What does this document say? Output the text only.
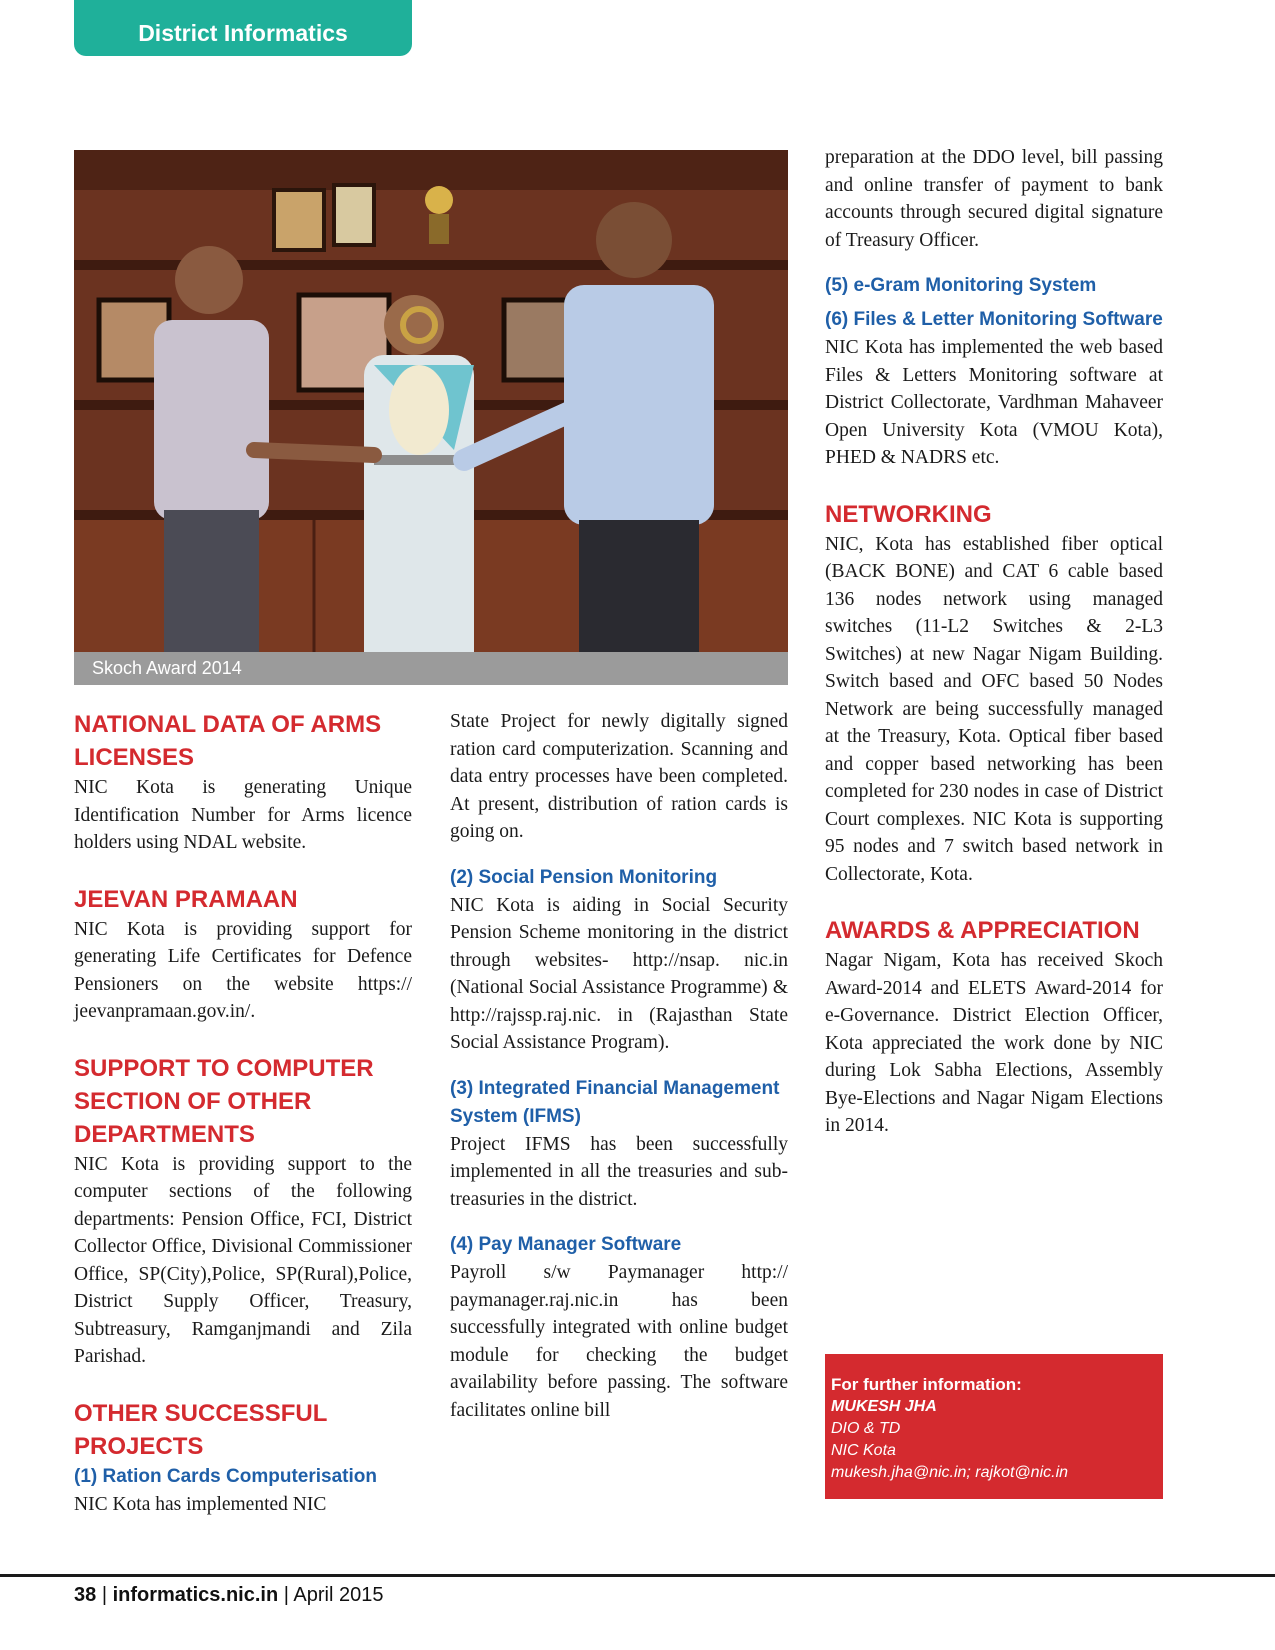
District Informatics
Skoch Award 2014
NATIONAL DATA OF ARMS LICENSES

NIC Kota is generating Unique Identification Number for Arms licence holders using NDAL website.

JEEVAN PRAMAAN

NIC Kota is providing support for generating Life Certificates for Defence Pensioners on the website https:// jeevanpramaan.gov.in/.

SUPPORT TO COMPUTER SECTION OF OTHER DEPARTMENTS

NIC Kota is providing support to the computer sections of the following departments: Pension Office, FCI, District Collector Office, Divisional Commissioner Office, SP(City),Police, SP(Rural),Police, District Supply Officer, Treasury, Subtreasury, Ramganjmandi and Zila Parishad.

OTHER SUCCESSFUL PROJECTS
(1) Ration Cards Computerisation

NIC Kota has implemented NIC

State Project for newly digitally signed ration card computerization. Scanning and data entry processes have been completed. At present, distribution of ration cards is going on.

(2) Social Pension Monitoring

NIC Kota is aiding in Social Security Pension Scheme monitoring in the district through websites- http://nsap. nic.in (National Social Assistance Programme) & http://rajssp.raj.nic. in (Rajasthan State Social Assistance Program).

(3) Integrated Financial Management System (IFMS)

Project IFMS has been successfully implemented in all the treasuries and sub-treasuries in the district.

(4) Pay Manager Software

Payroll s/w Paymanager http:// paymanager.raj.nic.in has been successfully integrated with online budget module for checking the budget availability before passing. The software facilitates online bill

preparation at the DDO level, bill passing and online transfer of payment to bank accounts through secured digital signature of Treasury Officer.

(5) e-Gram Monitoring System
(6) Files & Letter Monitoring Software

NIC Kota has implemented the web based Files & Letters Monitoring software at District Collectorate, Vardhman Mahaveer Open University Kota (VMOU Kota), PHED & NADRS etc.

NETWORKING

NIC, Kota has established fiber optical (BACK BONE) and CAT 6 cable based 136 nodes network using managed switches (11-L2 Switches & 2-L3 Switches) at new Nagar Nigam Building. Switch based and OFC based 50 Nodes Network are being successfully managed at the Treasury, Kota. Optical fiber based and copper based networking has been completed for 230 nodes in case of District Court complexes. NIC Kota is supporting 95 nodes and 7 switch based network in Collectorate, Kota.

AWARDS & APPRECIATION

Nagar Nigam, Kota has received Skoch Award-2014 and ELETS Award-2014 for e-Governance. District Election Officer, Kota appreciated the work done by NIC during Lok Sabha Elections, Assembly Bye-Elections and Nagar Nigam Elections in 2014.

For further information:
MUKESH JHA
DIO & TD
NIC Kota
mukesh.jha@nic.in; rajkot@nic.in
38 | informatics.nic.in | April 2015
